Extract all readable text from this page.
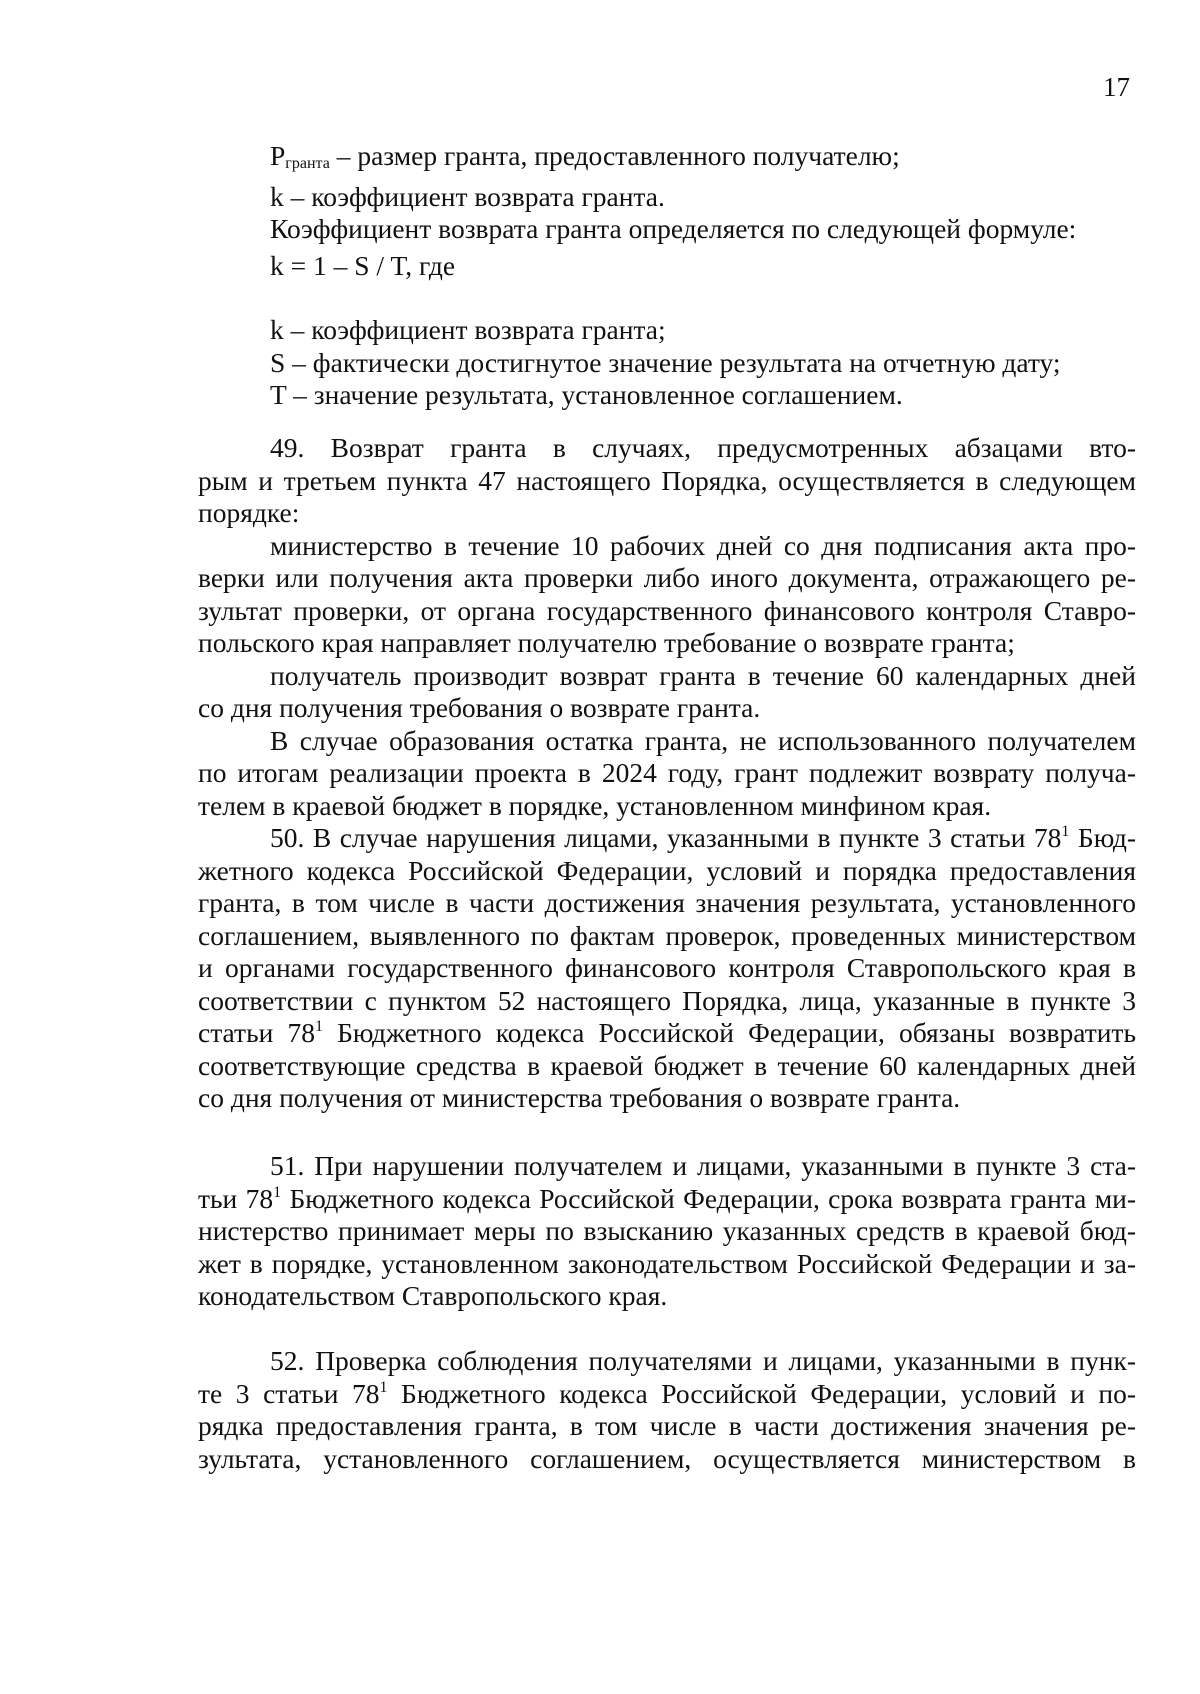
17
Pгранта – размер гранта, предоставленного получателю;
k – коэффициент возврата гранта.
Коэффициент возврата гранта определяется по следующей формуле:
k = 1 – S / T, где
k – коэффициент возврата гранта;
S – фактически достигнутое значение результата на отчетную дату;
T – значение результата, установленное соглашением.
49. Возврат гранта в случаях, предусмотренных абзацами вто-
рым и третьем пункта 47 настоящего Порядка, осуществляется в следующем
порядке:
министерство в течение 10 рабочих дней со дня подписания акта про-
верки или получения акта проверки либо иного документа, отражающего ре-
зультат проверки, от органа государственного финансового контроля Ставро-
польского края направляет получателю требование о возврате гранта;
получатель производит возврат гранта в течение 60 календарных дней
со дня получения требования о возврате гранта.
В случае образования остатка гранта, не использованного получателем
по итогам реализации проекта в 2024 году, грант подлежит возврату получа-
телем в краевой бюджет в порядке, установленном минфином края.
50. В случае нарушения лицами, указанными в пункте 3 статьи $78^1$ Бюд-
жетного кодекса Российской Федерации, условий и порядка предоставления
гранта, в том числе в части достижения значения результата, установленного
соглашением, выявленного по фактам проверок, проведенных министерством
и органами государственного финансового контроля Ставропольского края в
соответствии с пунктом 52 настоящего Порядка, лица, указанные в пункте 3
статьи $78^1$ Бюджетного кодекса Российской Федерации, обязаны возвратить
соответствующие средства в краевой бюджет в течение 60 календарных дней
со дня получения от министерства требования о возврате гранта.
51. При нарушении получателем и лицами, указанными в пункте 3 ста-
тьи $78^1$ Бюджетного кодекса Российской Федерации, срока возврата гранта ми-
нистерство принимает меры по взысканию указанных средств в краевой бюд-
жет в порядке, установленном законодательством Российской Федерации и за-
конодательством Ставропольского края.
52. Проверка соблюдения получателями и лицами, указанными в пунк-
те 3 статьи $78^1$ Бюджетного кодекса Российской Федерации, условий и по-
рядка предоставления гранта, в том числе в части достижения значения ре-
зультата, установленного соглашением, осуществляется министерством в
